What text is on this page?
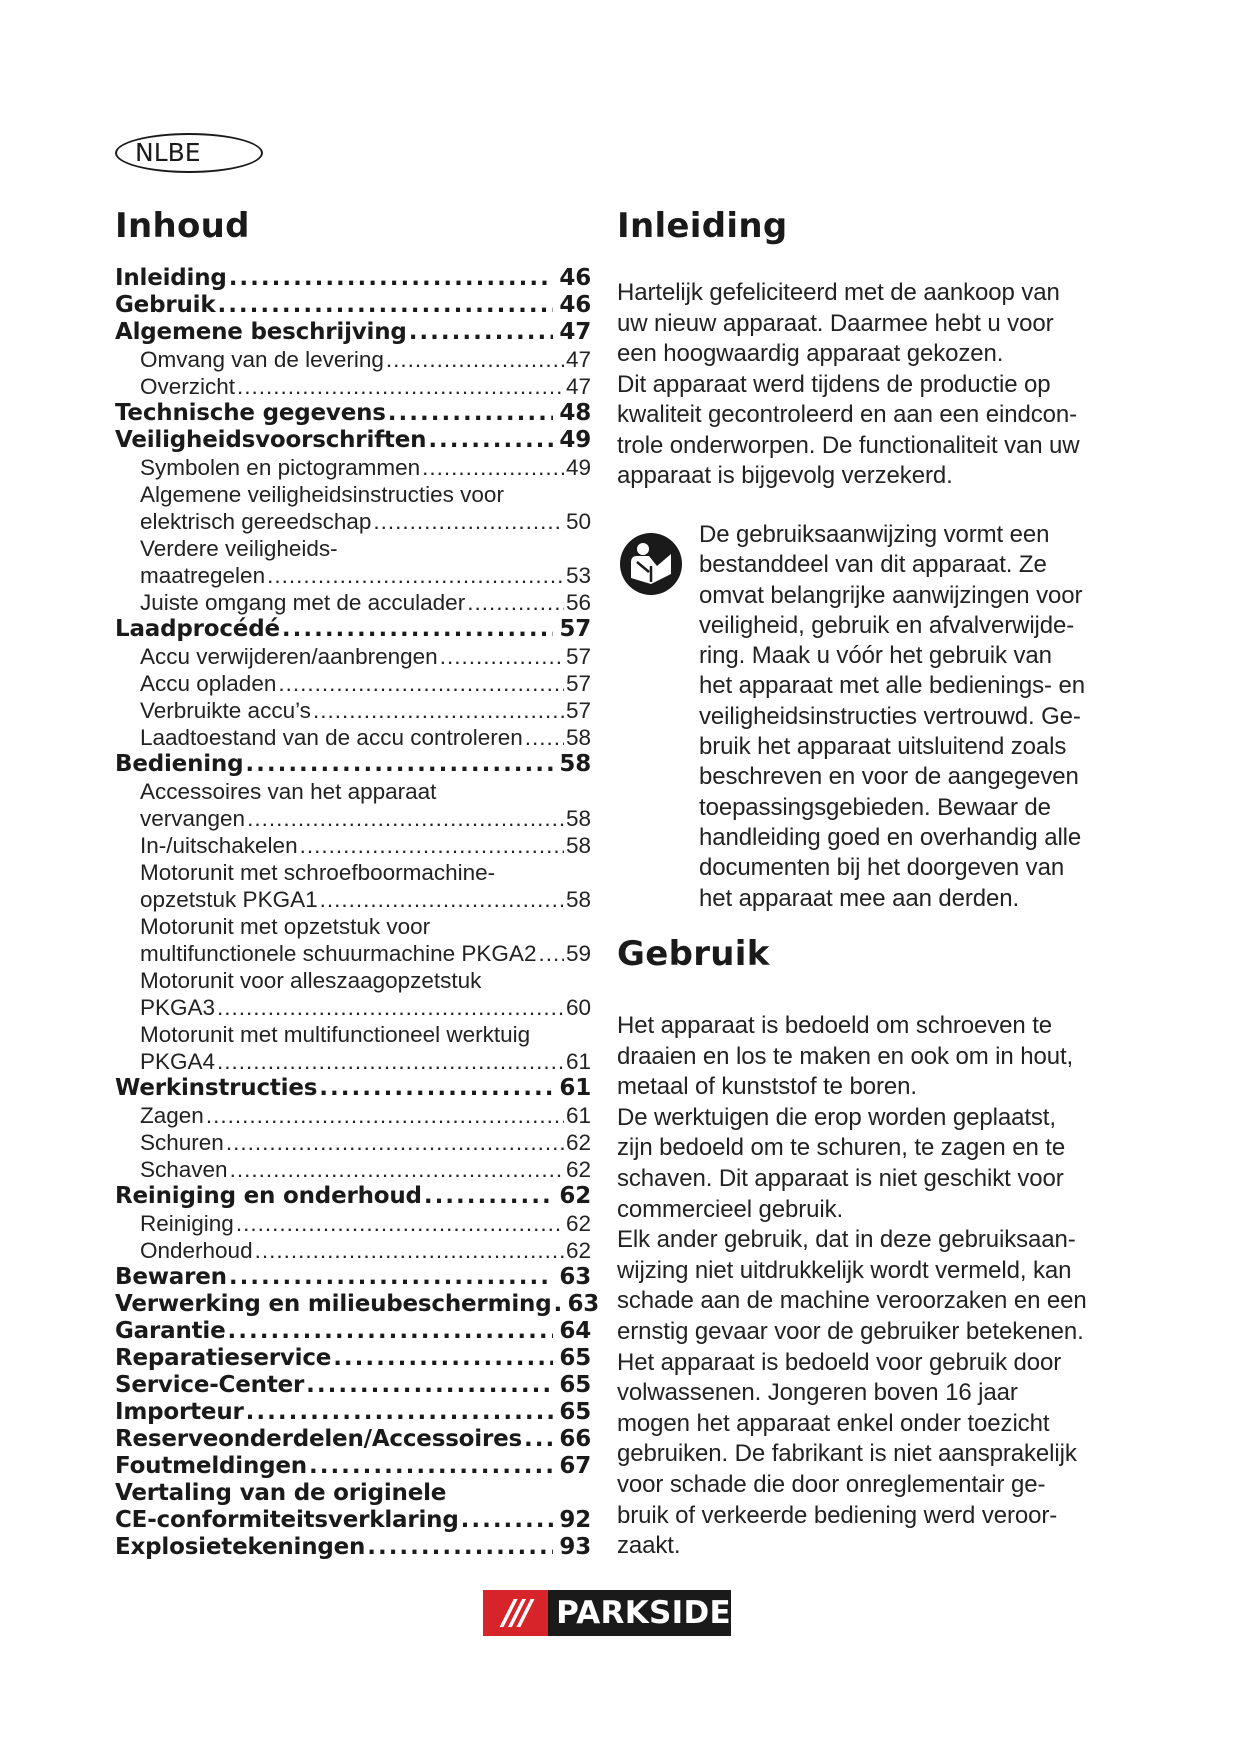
NLBE
Inhoud
Inleiding .....	46
Gebruik .....	46
Algemene beschrijving .....	47
Omvang van de levering .....	47
Overzicht .....	47
Technische gegevens .....	48
Veiligheidsvoorschriften .....	49
Symbolen en pictogrammen .....	49
Algemene veiligheidsinstructies voor
elektrisch gereedschap .....	50
Verdere veiligheids-
maatregelen .....	53
Juiste omgang met de acculader .....	56
Laadprocédé .....	57
Accu verwijderen/aanbrengen .....	57
Accu opladen .....	57
Verbruikte accu’s .....	57
Laadtoestand van de accu controleren ..... 58
Bediening .....	58
Accessoires van het apparaat
vervangen .....	58
In-/uitschakelen .....	58
Motorunit met schroefboormachine-
opzetstuk PKGA1 .....	58
Motorunit met opzetstuk voor
multifunctionele schuurmachine PKGA2 ..... 59
Motorunit voor alleszaagopzetstuk
PKGA3 .....	60
Motorunit met multifunctioneel werktuig
PKGA4 .....	61
Werkinstructies .....	61
Zagen .....	61
Schuren .....	62
Schaven .....	62
Reiniging en onderhoud .....	62
Reiniging .....	62
Onderhoud .....	62
Bewaren .....	63
Verwerking en milieubescherming ..... 63
Garantie .....	64
Reparatieservice .....	65
Service-Center .....	65
Importeur .....	65
Reserveonderdelen/Accessoires ..... 66
Foutmeldingen .....	67
Vertaling van de originele
CE-conformiteitsverklaring .....	92
Explosietekeningen .....	93
Inleiding
Hartelijk gefeliciteerd met de aankoop van
uw nieuw apparaat. Daarmee hebt u voor
een hoogwaardig apparaat gekozen.
Dit apparaat werd tijdens de productie op
kwaliteit gecontroleerd en aan een eindcon-
trole onderworpen. De functionaliteit van uw
apparaat is bijgevolg verzekerd.
De gebruiksaanwijzing vormt een
bestanddeel van dit apparaat. Ze
omvat belangrijke aanwijzingen voor
veiligheid, gebruik en afvalverwijde-
ring. Maak u vóór het gebruik van
het apparaat met alle bedienings- en
veiligheidsinstructies vertrouwd. Ge-
bruik het apparaat uitsluitend zoals
beschreven en voor de aangegeven
toepassingsgebieden. Bewaar de
handleiding goed en overhandig alle
documenten bij het doorgeven van
het apparaat mee aan derden.
Gebruik
Het apparaat is bedoeld om schroeven te
draaien en los te maken en ook om in hout,
metaal of kunststof te boren.
De werktuigen die erop worden geplaatst,
zijn bedoeld om te schuren, te zagen en te
schaven. Dit apparaat is niet geschikt voor
commercieel gebruik.
Elk ander gebruik, dat in deze gebruiksaan-
wijzing niet uitdrukkelijk wordt vermeld, kan
schade aan de machine veroorzaken en een
ernstig gevaar voor de gebruiker betekenen.
Het apparaat is bedoeld voor gebruik door
volwassenen. Jongeren boven 16 jaar
mogen het apparaat enkel onder toezicht
gebruiken. De fabrikant is niet aansprakelijk
voor schade die door onreglementair ge-
bruik of verkeerde bediening werd veroor-
zaakt.
/// PARKSIDE
